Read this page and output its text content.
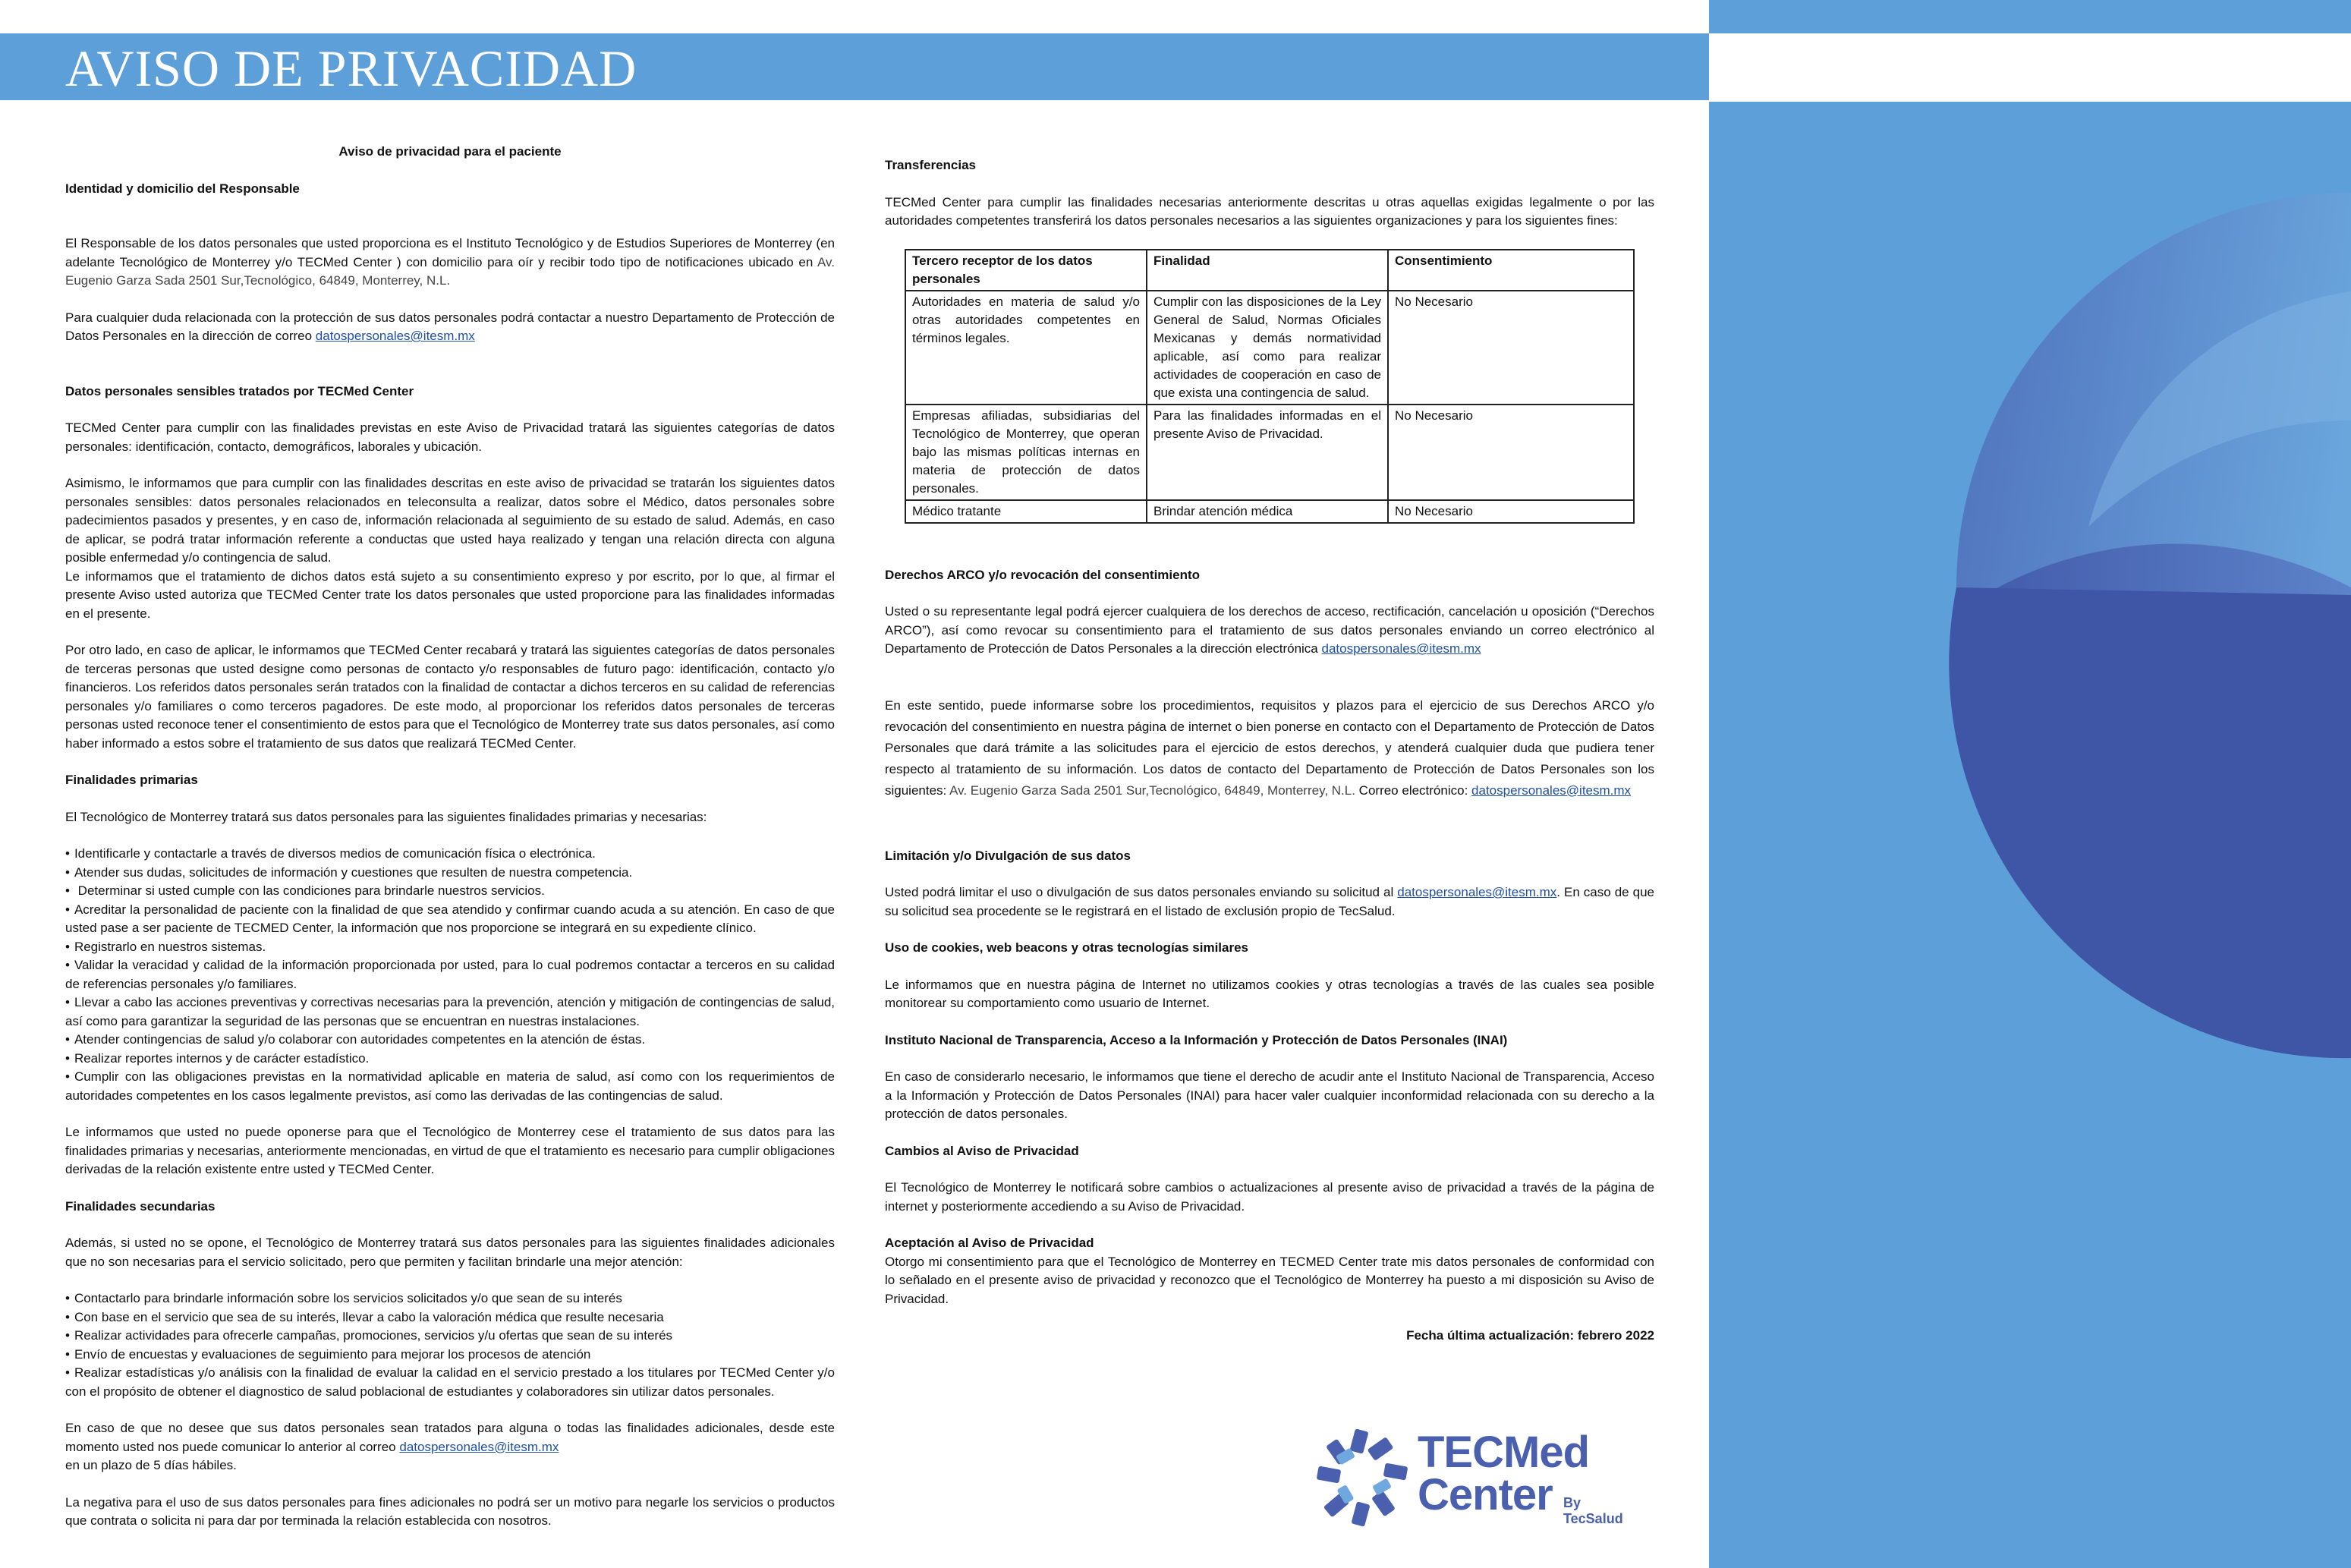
AVISO DE PRIVACIDAD
Aviso de privacidad para el paciente
Identidad y domicilio del Responsable

El Responsable de los datos personales que usted proporciona es el Instituto Tecnológico y de Estudios Superiores de Monterrey (en adelante Tecnológico de Monterrey y/o TECMed Center ) con domicilio para oír y recibir todo tipo de notificaciones ubicado en Av. Eugenio Garza Sada 2501 Sur,Tecnológico, 64849, Monterrey, N.L.

Para cualquier duda relacionada con la protección de sus datos personales podrá contactar a nuestro Departamento de Protección de Datos Personales en la dirección de correo datospersonales@itesm.mx

Datos personales sensibles tratados por TECMed Center

TECMed Center para cumplir con las finalidades previstas en este Aviso de Privacidad tratará las siguientes categorías de datos personales: identificación, contacto, demográficos, laborales y ubicación.

Asimismo, le informamos que para cumplir con las finalidades descritas en este aviso de privacidad se tratarán los siguientes datos personales sensibles: datos personales relacionados en teleconsulta a realizar, datos sobre el Médico, datos personales sobre padecimientos pasados y presentes, y en caso de, información relacionada al seguimiento de su estado de salud. Además, en caso de aplicar, se podrá tratar información referente a conductas que usted haya realizado y tengan una relación directa con alguna posible enfermedad y/o contingencia de salud.

Le informamos que el tratamiento de dichos datos está sujeto a su consentimiento expreso y por escrito, por lo que, al firmar el presente Aviso usted autoriza que TECMed Center trate los datos personales que usted proporcione para las finalidades informadas en el presente.

Por otro lado, en caso de aplicar, le informamos que TECMed Center recabará y tratará las siguientes categorías de datos personales de terceras personas que usted designe como personas de contacto y/o responsables de futuro pago: identificación, contacto y/o financieros. Los referidos datos personales serán tratados con la finalidad de contactar a dichos terceros en su calidad de referencias personales y/o familiares o como terceros pagadores. De este modo, al proporcionar los referidos datos personales de terceras personas usted reconoce tener el consentimiento de estos para que el Tecnológico de Monterrey trate sus datos personales, así como haber informado a estos sobre el tratamiento de sus datos que realizará TECMed Center.

Finalidades primarias

El Tecnológico de Monterrey tratará sus datos personales para las siguientes finalidades primarias y necesarias:

• Identificarle y contactarle a través de diversos medios de comunicación física o electrónica.
• Atender sus dudas, solicitudes de información y cuestiones que resulten de nuestra competencia.
• Determinar si usted cumple con las condiciones para brindarle nuestros servicios.
• Acreditar la personalidad de paciente con la finalidad de que sea atendido y confirmar cuando acuda a su atención. En caso de que usted pase a ser paciente de TECMED Center, la información que nos proporcione se integrará en su expediente clínico.
• Registrarlo en nuestros sistemas.
• Validar la veracidad y calidad de la información proporcionada por usted, para lo cual podremos contactar a terceros en su calidad de referencias personales y/o familiares.
• Llevar a cabo las acciones preventivas y correctivas necesarias para la prevención, atención y mitigación de contingencias de salud, así como para garantizar la seguridad de las personas que se encuentran en nuestras instalaciones.
• Atender contingencias de salud y/o colaborar con autoridades competentes en la atención de éstas.
• Realizar reportes internos y de carácter estadístico.
• Cumplir con las obligaciones previstas en la normatividad aplicable en materia de salud, así como con los requerimientos de autoridades competentes en los casos legalmente previstos, así como las derivadas de las contingencias de salud.

Le informamos que usted no puede oponerse para que el Tecnológico de Monterrey cese el tratamiento de sus datos para las finalidades primarias y necesarias, anteriormente mencionadas, en virtud de que el tratamiento es necesario para cumplir obligaciones derivadas de la relación existente entre usted y TECMed Center.

Finalidades secundarias

Además, si usted no se opone, el Tecnológico de Monterrey tratará sus datos personales para las siguientes finalidades adicionales que no son necesarias para el servicio solicitado, pero que permiten y facilitan brindarle una mejor atención:

• Contactarlo para brindarle información sobre los servicios solicitados y/o que sean de su interés
• Con base en el servicio que sea de su interés, llevar a cabo la valoración médica que resulte necesaria
• Realizar actividades para ofrecerle campañas, promociones, servicios y/u ofertas que sean de su interés
• Envío de encuestas y evaluaciones de seguimiento para mejorar los procesos de atención
• Realizar estadísticas y/o análisis con la finalidad de evaluar la calidad en el servicio prestado a los titulares por TECMed Center y/o con el propósito de obtener el diagnostico de salud poblacional de estudiantes y colaboradores sin utilizar datos personales.

En caso de que no desee que sus datos personales sean tratados para alguna o todas las finalidades adicionales, desde este momento usted nos puede comunicar lo anterior al correo datospersonales@itesm.mx
en un plazo de 5 días hábiles.

La negativa para el uso de sus datos personales para fines adicionales no podrá ser un motivo para negarle los servicios o productos que contrata o solicita ni para dar por terminada la relación establecida con nosotros.

Transferencias

TECMed Center para cumplir las finalidades necesarias anteriormente descritas u otras aquellas exigidas legalmente o por las autoridades competentes transferirá los datos personales necesarios a las siguientes organizaciones y para los siguientes fines:

Tercero receptor de los datos personales	Finalidad	Consentimiento
Autoridades en materia de salud y/o otras autoridades competentes en términos legales.	Cumplir con las disposiciones de la Ley General de Salud, Normas Oficiales Mexicanas y demás normatividad aplicable, así como para realizar actividades de cooperación en caso de que exista una contingencia de salud.	No Necesario
Empresas afiliadas, subsidiarias del Tecnológico de Monterrey, que operan bajo las mismas políticas internas en materia de protección de datos personales.	Para las finalidades informadas en el presente Aviso de Privacidad.	No Necesario
Médico tratante	Brindar atención médica	No Necesario
Derechos ARCO y/o revocación del consentimiento

Usted o su representante legal podrá ejercer cualquiera de los derechos de acceso, rectificación, cancelación u oposición (“Derechos ARCO”), así como revocar su consentimiento para el tratamiento de sus datos personales enviando un correo electrónico al Departamento de Protección de Datos Personales a la dirección electrónica datospersonales@itesm.mx

En este sentido, puede informarse sobre los procedimientos, requisitos y plazos para el ejercicio de sus Derechos ARCO y/o revocación del consentimiento en nuestra página de internet o bien ponerse en contacto con el Departamento de Protección de Datos Personales que dará trámite a las solicitudes para el ejercicio de estos derechos, y atenderá cualquier duda que pudiera tener respecto al tratamiento de su información. Los datos de contacto del Departamento de Protección de Datos Personales son los siguientes: Av. Eugenio Garza Sada 2501 Sur,Tecnológico, 64849, Monterrey, N.L. Correo electrónico: datospersonales@itesm.mx

Limitación y/o Divulgación de sus datos

Usted podrá limitar el uso o divulgación de sus datos personales enviando su solicitud al datospersonales@itesm.mx. En caso de que su solicitud sea procedente se le registrará en el listado de exclusión propio de TecSalud.

Uso de cookies, web beacons y otras tecnologías similares

Le informamos que en nuestra página de Internet no utilizamos cookies y otras tecnologías a través de las cuales sea posible monitorear su comportamiento como usuario de Internet.

Instituto Nacional de Transparencia, Acceso a la Información y Protección de Datos Personales (INAI)

En caso de considerarlo necesario, le informamos que tiene el derecho de acudir ante el Instituto Nacional de Transparencia, Acceso a la Información y Protección de Datos Personales (INAI) para hacer valer cualquier inconformidad relacionada con su derecho a la protección de datos personales.

Cambios al Aviso de Privacidad

El Tecnológico de Monterrey le notificará sobre cambios o actualizaciones al presente aviso de privacidad a través de la página de internet y posteriormente accediendo a su Aviso de Privacidad.

Aceptación al Aviso de Privacidad

Otorgo mi consentimiento para que el Tecnológico de Monterrey en TECMED Center trate mis datos personales de conformidad con lo señalado en el presente aviso de privacidad y reconozco que el Tecnológico de Monterrey ha puesto a mi disposición su Aviso de Privacidad.

Fecha última actualización: febrero 2022
TECMed
Center By TecSalud
